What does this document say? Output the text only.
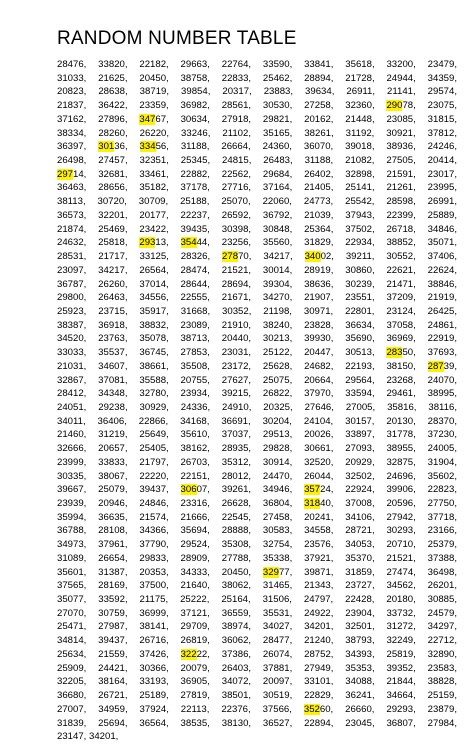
RANDOM NUMBER TABLE
28476, 33820, 22182, 29663, 22764, 33590, 33841, 35618, 33200, 23479,
31033, 21625, 20450, 38758, 22833, 25462, 28894, 21728, 24944, 34359,
20823, 28638, 38719, 39854, 20317, 23883, 39634, 26911, 21141, 29574,
21837, 36422, 23359, 36982, 28561, 30530, 27258, 32360, 29078, 23075,
37162, 27896, 34767, 30634, 27918, 29821, 20162, 21448, 23085, 31815,
38334, 28260, 26220, 33246, 21102, 35165, 38261, 31192, 30921, 37812,
36397, 30136, 33456, 31188, 26664, 24360, 36070, 39018, 38936, 24246,
26498, 27457, 32351, 25345, 24815, 26483, 31188, 21082, 27505, 20414,
29714, 32681, 33461, 22882, 22562, 29684, 26402, 32898, 21591, 23017,
36463, 28656, 35182, 37178, 27716, 37164, 21405, 25141, 21261, 23995,
38113, 30720, 30709, 25188, 25070, 22060, 24773, 25542, 28598, 26991,
36573, 32201, 20177, 22237, 26592, 36792, 21039, 37943, 22399, 25889,
21874, 25469, 23422, 39435, 30398, 30848, 25364, 37502, 26718, 34846,
24632, 25818, 29313, 35444, 23256, 35560, 31829, 22934, 38852, 35071,
28531, 21717, 33125, 28326, 27870, 34217, 34002, 39211, 30552, 37406,
23097, 34217, 26564, 28474, 21521, 30014, 28919, 30860, 22621, 22624,
36787, 26260, 37014, 28644, 28694, 39304, 38636, 30239, 21471, 38846,
29800, 26463, 34556, 22555, 21671, 34270, 21907, 23551, 37209, 21919,
25923, 23715, 35917, 31668, 30352, 21198, 30971, 22801, 23124, 26425,
38387, 36918, 38832, 23089, 21910, 38240, 23828, 36634, 37058, 24861,
34520, 23763, 35078, 38713, 20440, 30213, 39930, 35690, 36969, 22919,
33033, 35537, 36745, 27853, 23031, 25122, 20447, 30513, 28350, 37693,
21031, 34607, 38661, 35508, 23172, 25628, 24682, 22193, 38150, 28739,
32867, 37081, 35588, 20755, 27627, 25075, 20664, 29564, 23268, 24070,
28412, 34348, 32780, 23934, 39215, 26822, 37970, 33594, 29461, 38995,
24051, 29238, 30929, 24336, 24910, 20325, 27646, 27005, 35816, 38116,
34011, 36406, 22866, 34168, 36691, 30204, 24104, 30157, 20130, 28370,
21460, 31219, 25649, 35610, 37037, 29513, 20026, 33897, 31778, 37230,
32666, 20657, 25405, 38162, 28935, 29828, 30661, 27093, 38955, 24005,
23999, 33833, 21797, 26703, 35312, 30914, 32520, 20929, 32875, 31904,
30335, 38067, 22220, 22151, 28012, 24470, 26044, 32502, 24696, 35602,
39667, 25079, 39437, 30607, 39261, 34946, 35724, 22924, 39906, 22823,
23939, 20946, 24846, 23316, 26628, 36804, 31840, 37008, 20596, 27750,
35994, 36635, 21574, 21666, 22545, 27458, 20241, 34106, 27942, 37718,
36788, 28108, 34366, 35694, 28888, 30583, 34558, 28721, 30293, 23166,
34973, 37961, 37790, 29524, 35308, 32754, 23576, 34053, 20710, 25379,
31089, 26654, 29833, 28909, 27788, 35338, 37921, 35370, 21521, 37388,
35601, 31387, 20353, 34333, 20450, 32977, 39871, 31859, 27474, 36498,
37565, 28169, 37500, 21640, 38062, 31465, 21343, 23727, 34562, 26201,
35077, 33592, 21175, 25222, 25164, 31506, 24797, 22428, 20180, 30885,
27070, 30759, 36999, 37121, 36559, 35531, 24922, 23904, 33732, 24579,
25471, 27987, 38141, 29709, 38974, 34027, 34201, 32501, 31272, 34297,
34814, 39437, 26716, 26819, 36062, 28477, 21240, 38793, 32249, 22712,
25634, 21559, 37426, 32222, 37386, 26074, 28752, 34393, 25819, 32890,
25909, 24421, 30366, 20079, 26403, 37881, 27949, 35353, 39352, 23583,
32205, 38164, 33193, 36905, 34072, 20097, 33101, 34088, 21844, 38828,
36680, 26721, 25189, 27819, 38501, 30519, 22829, 36241, 34664, 25159,
27007, 34959, 37924, 22113, 22376, 37566, 35260, 26660, 29293, 23879,
31839, 25694, 36564, 38535, 38130, 36527, 22894, 23045, 36807, 27984,
23147, 34201,
